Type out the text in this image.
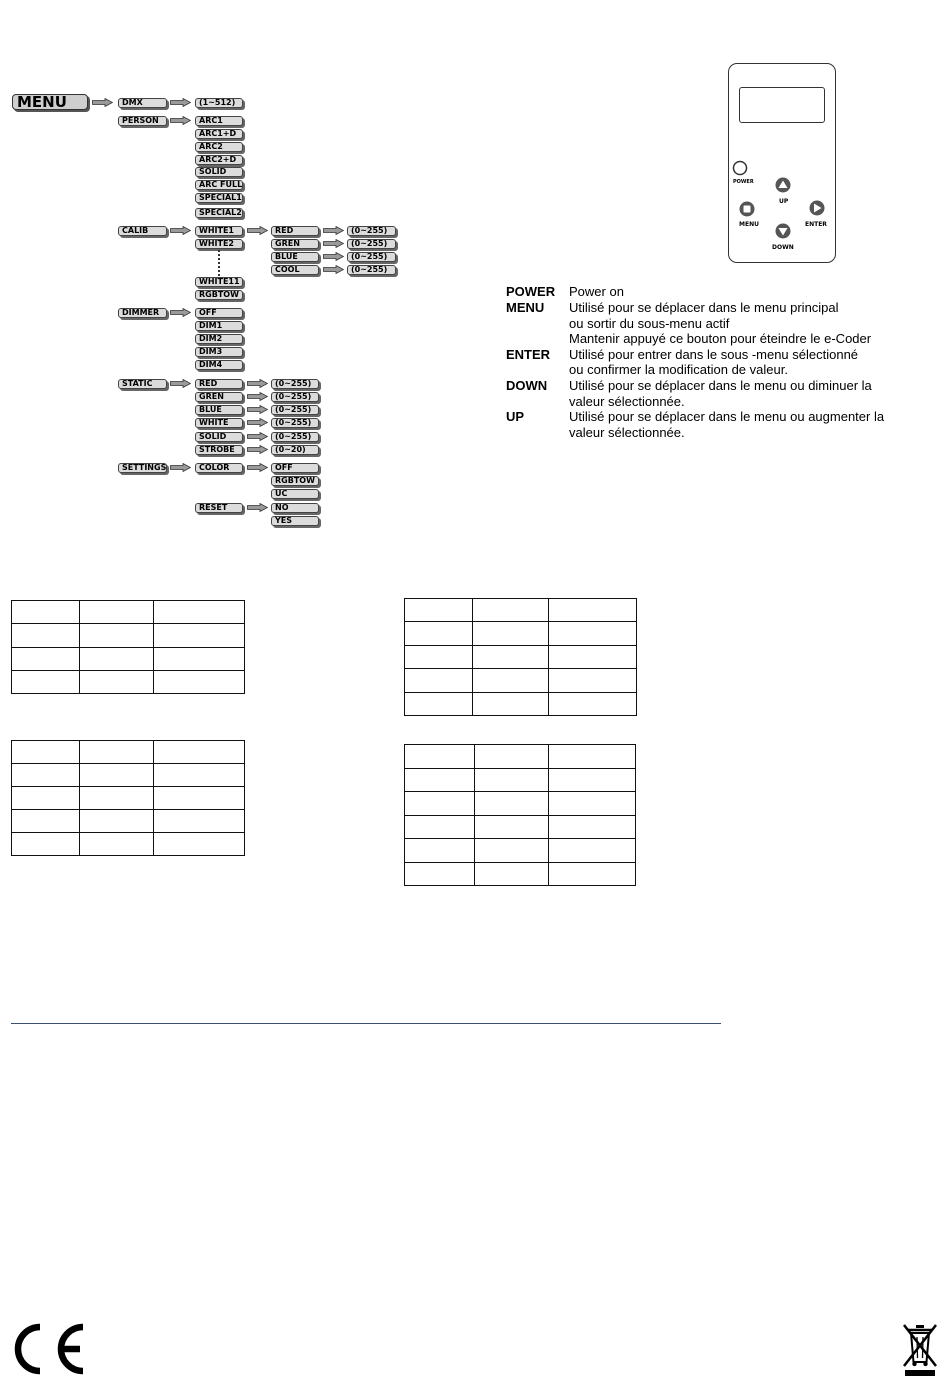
MENU	DMX
PERSON
CALIB
DIMMER
STATIC
SETTINGS
(1~512)
ARC1
ARC1+D
ARC2
ARC2+D
SOLID
ARC FULL
SPECIAL1
SPECIAL2
WHITE1
WHITE2
WHITE11
RGBTOW
RED
GREN
BLUE
COOL
(0~255)
(0~255)
(0~255)
(0~255)
OFF
DIM1
DIM2
DIM3
DIM4
RED
GREN
BLUE
WHITE
SOLID
STROBE
(0~255)
(0~255)
(0~255)
(0~255)
(0~255)
(0~20)
COLOR	OFF
RGBTOW
UC
RESET	NO
YES
POWER
UP
MENU	ENTER
DOWN
POWER Power on
MENU Utilisé pour se déplacer dans le menu principal
ou sortir du sous-menu actif
Mantenir appuyé ce bouton pour éteindre le e-Coder
ENTER Utilisé pour entrer dans le sous -menu sélectionné
ou confirmer la modification de valeur.
DOWN Utilisé pour se déplacer dans le menu ou diminuer la
valeur sélectionnée.
UP	Utilisé pour se déplacer dans le menu ou augmenter la
valeur sélectionnée.
